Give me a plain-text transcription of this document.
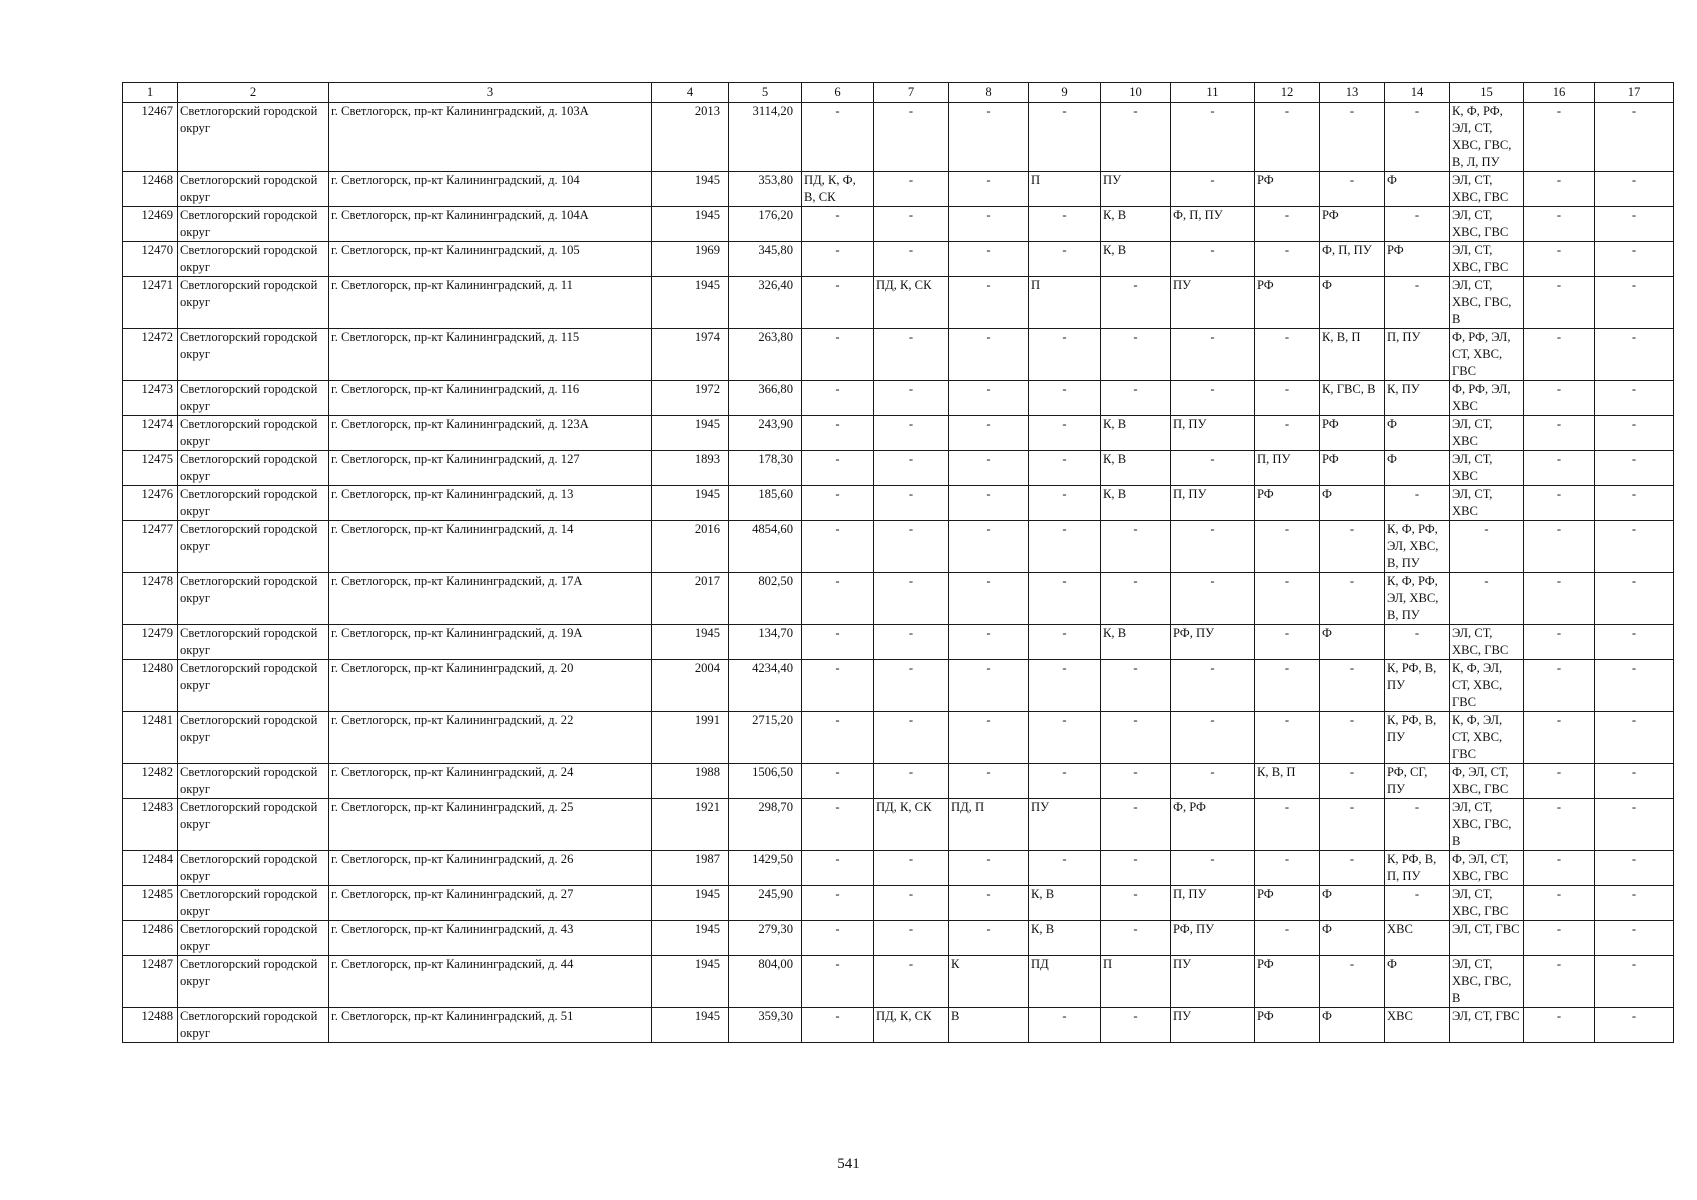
1	2	3	4	5	6	7	8	9	10	11	12	13	14	15	16	17
12467	Светлогорский городской округ	г. Светлогорск, пр-кт Калининградский, д. 103А	2013	3114,20	-	-	-	-	-	-	-	-	-	К, Ф, РФ, ЭЛ, СТ, ХВС, ГВС, В, Л, ПУ	-	-
12468	Светлогорский городской округ	г. Светлогорск, пр-кт Калининградский, д. 104	1945	353,80	ПД, К, Ф, В, СК	-	-	П	ПУ	-	РФ	-	Ф	ЭЛ, СТ, ХВС, ГВС	-	-
12469	Светлогорский городской округ	г. Светлогорск, пр-кт Калининградский, д. 104А	1945	176,20	-	-	-	-	К, В	Ф, П, ПУ	-	РФ	-	ЭЛ, СТ, ХВС, ГВС	-	-
12470	Светлогорский городской округ	г. Светлогорск, пр-кт Калининградский, д. 105	1969	345,80	-	-	-	-	К, В	-	-	Ф, П, ПУ	РФ	ЭЛ, СТ, ХВС, ГВС	-	-
12471	Светлогорский городской округ	г. Светлогорск, пр-кт Калининградский, д. 11	1945	326,40	-	ПД, К, СК	-	П	-	ПУ	РФ	Ф	-	ЭЛ, СТ, ХВС, ГВС, В	-	-
12472	Светлогорский городской округ	г. Светлогорск, пр-кт Калининградский, д. 115	1974	263,80	-	-	-	-	-	-	-	К, В, П	П, ПУ	Ф, РФ, ЭЛ, СТ, ХВС, ГВС	-	-
12473	Светлогорский городской округ	г. Светлогорск, пр-кт Калининградский, д. 116	1972	366,80	-	-	-	-	-	-	-	К, ГВС, В	К, ПУ	Ф, РФ, ЭЛ, ХВС	-	-
12474	Светлогорский городской округ	г. Светлогорск, пр-кт Калининградский, д. 123А	1945	243,90	-	-	-	-	К, В	П, ПУ	-	РФ	Ф	ЭЛ, СТ, ХВС	-	-
12475	Светлогорский городской округ	г. Светлогорск, пр-кт Калининградский, д. 127	1893	178,30	-	-	-	-	К, В	-	П, ПУ	РФ	Ф	ЭЛ, СТ, ХВС	-	-
12476	Светлогорский городской округ	г. Светлогорск, пр-кт Калининградский, д. 13	1945	185,60	-	-	-	-	К, В	П, ПУ	РФ	Ф	-	ЭЛ, СТ, ХВС	-	-
12477	Светлогорский городской округ	г. Светлогорск, пр-кт Калининградский, д. 14	2016	4854,60	-	-	-	-	-	-	-	-	К, Ф, РФ, ЭЛ, ХВС, В, ПУ	-	-	-
12478	Светлогорский городской округ	г. Светлогорск, пр-кт Калининградский, д. 17А	2017	802,50	-	-	-	-	-	-	-	-	К, Ф, РФ, ЭЛ, ХВС, В, ПУ	-	-	-
12479	Светлогорский городской округ	г. Светлогорск, пр-кт Калининградский, д. 19А	1945	134,70	-	-	-	-	К, В	РФ, ПУ	-	Ф	-	ЭЛ, СТ, ХВС, ГВС	-	-
12480	Светлогорский городской округ	г. Светлогорск, пр-кт Калининградский, д. 20	2004	4234,40	-	-	-	-	-	-	-	-	К, РФ, В, ПУ	К, Ф, ЭЛ, СТ, ХВС, ГВС	-	-
12481	Светлогорский городской округ	г. Светлогорск, пр-кт Калининградский, д. 22	1991	2715,20	-	-	-	-	-	-	-	-	К, РФ, В, ПУ	К, Ф, ЭЛ, СТ, ХВС, ГВС	-	-
12482	Светлогорский городской округ	г. Светлогорск, пр-кт Калининградский, д. 24	1988	1506,50	-	-	-	-	-	-	К, В, П	-	РФ, СГ, ПУ	Ф, ЭЛ, СТ, ХВС, ГВС	-	-
12483	Светлогорский городской округ	г. Светлогорск, пр-кт Калининградский, д. 25	1921	298,70	-	ПД, К, СК	ПД, П	ПУ	-	Ф, РФ	-	-	-	ЭЛ, СТ, ХВС, ГВС, В	-	-
12484	Светлогорский городской округ	г. Светлогорск, пр-кт Калининградский, д. 26	1987	1429,50	-	-	-	-	-	-	-	-	К, РФ, В, П, ПУ	Ф, ЭЛ, СТ, ХВС, ГВС	-	-
12485	Светлогорский городской округ	г. Светлогорск, пр-кт Калининградский, д. 27	1945	245,90	-	-	-	К, В	-	П, ПУ	РФ	Ф	-	ЭЛ, СТ, ХВС, ГВС	-	-
12486	Светлогорский городской округ	г. Светлогорск, пр-кт Калининградский, д. 43	1945	279,30	-	-	-	К, В	-	РФ, ПУ	-	Ф	ХВС	ЭЛ, СТ, ГВС	-	-
12487	Светлогорский городской округ	г. Светлогорск, пр-кт Калининградский, д. 44	1945	804,00	-	-	К	ПД	П	ПУ	РФ	-	Ф	ЭЛ, СТ, ХВС, ГВС, В	-	-
12488	Светлогорский городской округ	г. Светлогорск, пр-кт Калининградский, д. 51	1945	359,30	-	ПД, К, СК	В	-	-	ПУ	РФ	Ф	ХВС	ЭЛ, СТ, ГВС	-	-
541
